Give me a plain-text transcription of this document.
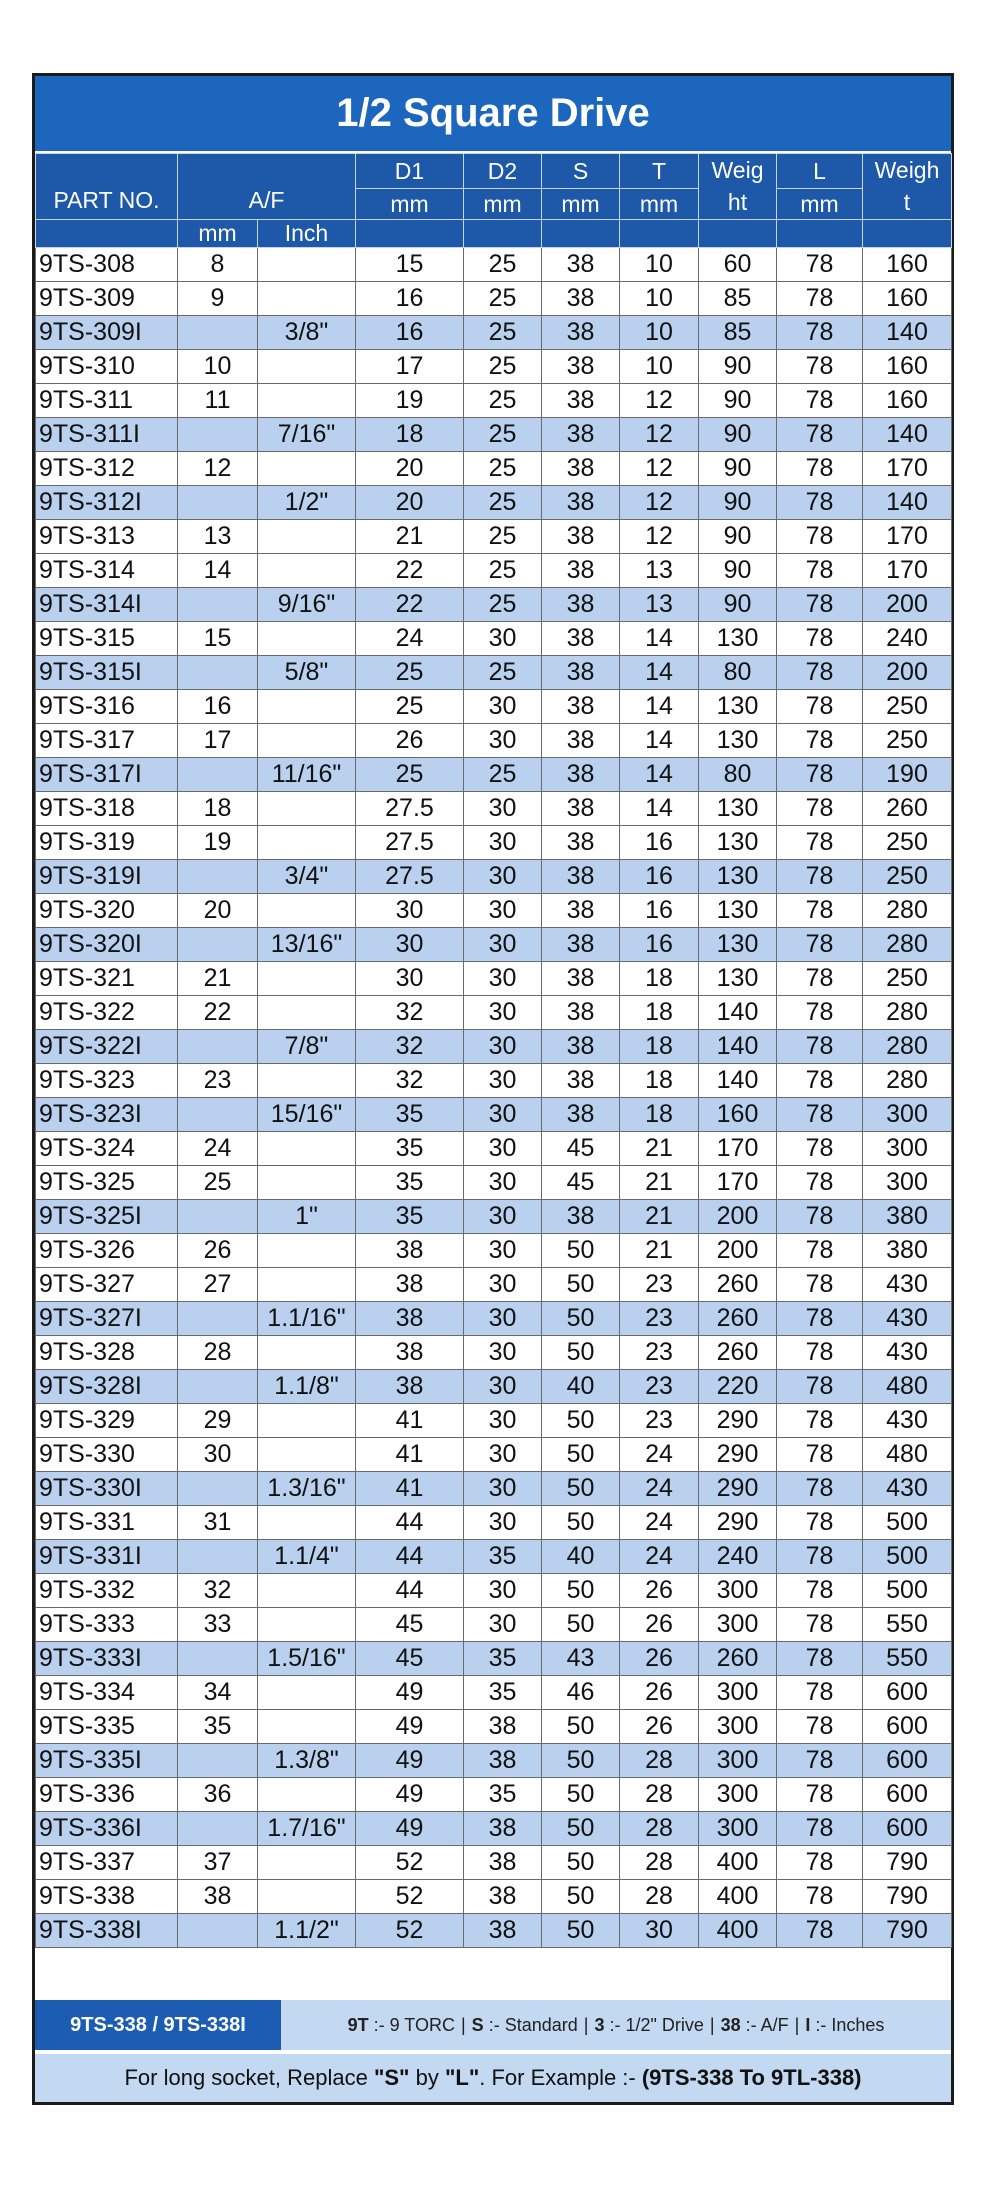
1/2 Square Drive
PART NO.	A/F		D1	D2	S	T	Weig ht	L	Weigh t
			mm	mm	mm	mm		mm	
	mm	Inch							
9TS-308	8		15	25	38	10	60	78	160
9TS-309	9		16	25	38	10	85	78	160
9TS-309I		3/8"	16	25	38	10	85	78	140
9TS-310	10		17	25	38	10	90	78	160
9TS-311	11		19	25	38	12	90	78	160
9TS-311I		7/16"	18	25	38	12	90	78	140
9TS-312	12		20	25	38	12	90	78	170
9TS-312I		1/2"	20	25	38	12	90	78	140
9TS-313	13		21	25	38	12	90	78	170
9TS-314	14		22	25	38	13	90	78	170
9TS-314I		9/16"	22	25	38	13	90	78	200
9TS-315	15		24	30	38	14	130	78	240
9TS-315I		5/8"	25	25	38	14	80	78	200
9TS-316	16		25	30	38	14	130	78	250
9TS-317	17		26	30	38	14	130	78	250
9TS-317I		11/16"	25	25	38	14	80	78	190
9TS-318	18		27.5	30	38	14	130	78	260
9TS-319	19		27.5	30	38	16	130	78	250
9TS-319I		3/4"	27.5	30	38	16	130	78	250
9TS-320	20		30	30	38	16	130	78	280
9TS-320I		13/16"	30	30	38	16	130	78	280
9TS-321	21		30	30	38	18	130	78	250
9TS-322	22		32	30	38	18	140	78	280
9TS-322I		7/8"	32	30	38	18	140	78	280
9TS-323	23		32	30	38	18	140	78	280
9TS-323I		15/16"	35	30	38	18	160	78	300
9TS-324	24		35	30	45	21	170	78	300
9TS-325	25		35	30	45	21	170	78	300
9TS-325I		1"	35	30	38	21	200	78	380
9TS-326	26		38	30	50	21	200	78	380
9TS-327	27		38	30	50	23	260	78	430
9TS-327I		1.1/16"	38	30	50	23	260	78	430
9TS-328	28		38	30	50	23	260	78	430
9TS-328I		1.1/8"	38	30	40	23	220	78	480
9TS-329	29		41	30	50	23	290	78	430
9TS-330	30		41	30	50	24	290	78	480
9TS-330I		1.3/16"	41	30	50	24	290	78	430
9TS-331	31		44	30	50	24	290	78	500
9TS-331I		1.1/4"	44	35	40	24	240	78	500
9TS-332	32		44	30	50	26	300	78	500
9TS-333	33		45	30	50	26	300	78	550
9TS-333I		1.5/16"	45	35	43	26	260	78	550
9TS-334	34		49	35	46	26	300	78	600
9TS-335	35		49	38	50	26	300	78	600
9TS-335I		1.3/8"	49	38	50	28	300	78	600
9TS-336	36		49	35	50	28	300	78	600
9TS-336I		1.7/16"	49	38	50	28	300	78	600
9TS-337	37		52	38	50	28	400	78	790
9TS-338	38		52	38	50	28	400	78	790
9TS-338I		1.1/2"	52	38	50	30	400	78	790
9TS-338 / 9TS-338I	9T :- 9 TORC | S :- Standard | 3 :- 1/2" Drive | 38 :- A/F | I :- Inches
For long socket, Replace "S" by "L" . For Example :- (9TS-338 To 9TL-338)
